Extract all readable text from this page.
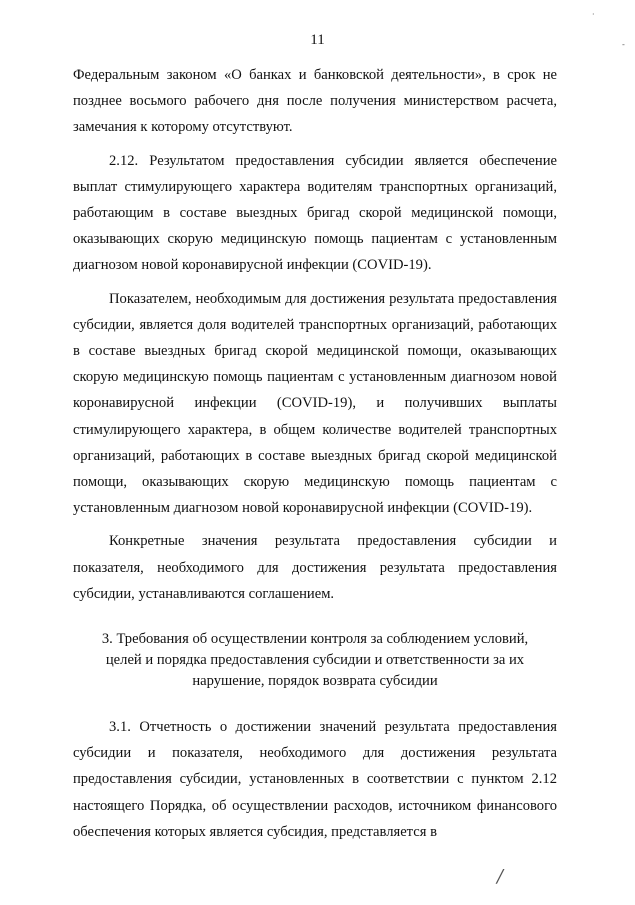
11
·
-

Федеральным законом «О банках и банковской деятельности», в срок не позднее восьмого рабочего дня после получения министерством расчета, замечания к которому отсутствуют.

2.12. Результатом предоставления субсидии является обеспечение выплат стимулирующего характера водителям транспортных организаций, работающим в составе выездных бригад скорой медицинской помощи, оказывающих скорую медицинскую помощь пациентам с установленным диагнозом новой коронавирусной инфекции (COVID-19).

Показателем, необходимым для достижения результата предоставления субсидии, является доля водителей транспортных организаций, работающих в составе выездных бригад скорой медицинской помощи, оказывающих скорую медицинскую помощь пациентам с установленным диагнозом новой коронавирусной инфекции (COVID-19), и получивших выплаты стимулирующего характера, в общем количестве водителей транспортных организаций, работающих в составе выездных бригад скорой медицинской помощи, оказывающих скорую медицинскую помощь пациентам с установленным диагнозом новой коронавирусной инфекции (COVID-19).

Конкретные значения результата предоставления субсидии и показателя, необходимого для достижения результата предоставления субсидии, устанавливаются соглашением.

3. Требования об осуществлении контроля за соблюдением условий,
целей и порядка предоставления субсидии и ответственности за их
нарушение, порядок возврата субсидии

3.1. Отчетность о достижении значений результата предоставления субсидии и показателя, необходимого для достижения результата предоставления субсидии, установленных в соответствии с пунктом 2.12 настоящего Порядка, об осуществлении расходов, источником финансового обеспечения которых является субсидия, представляется в

/
